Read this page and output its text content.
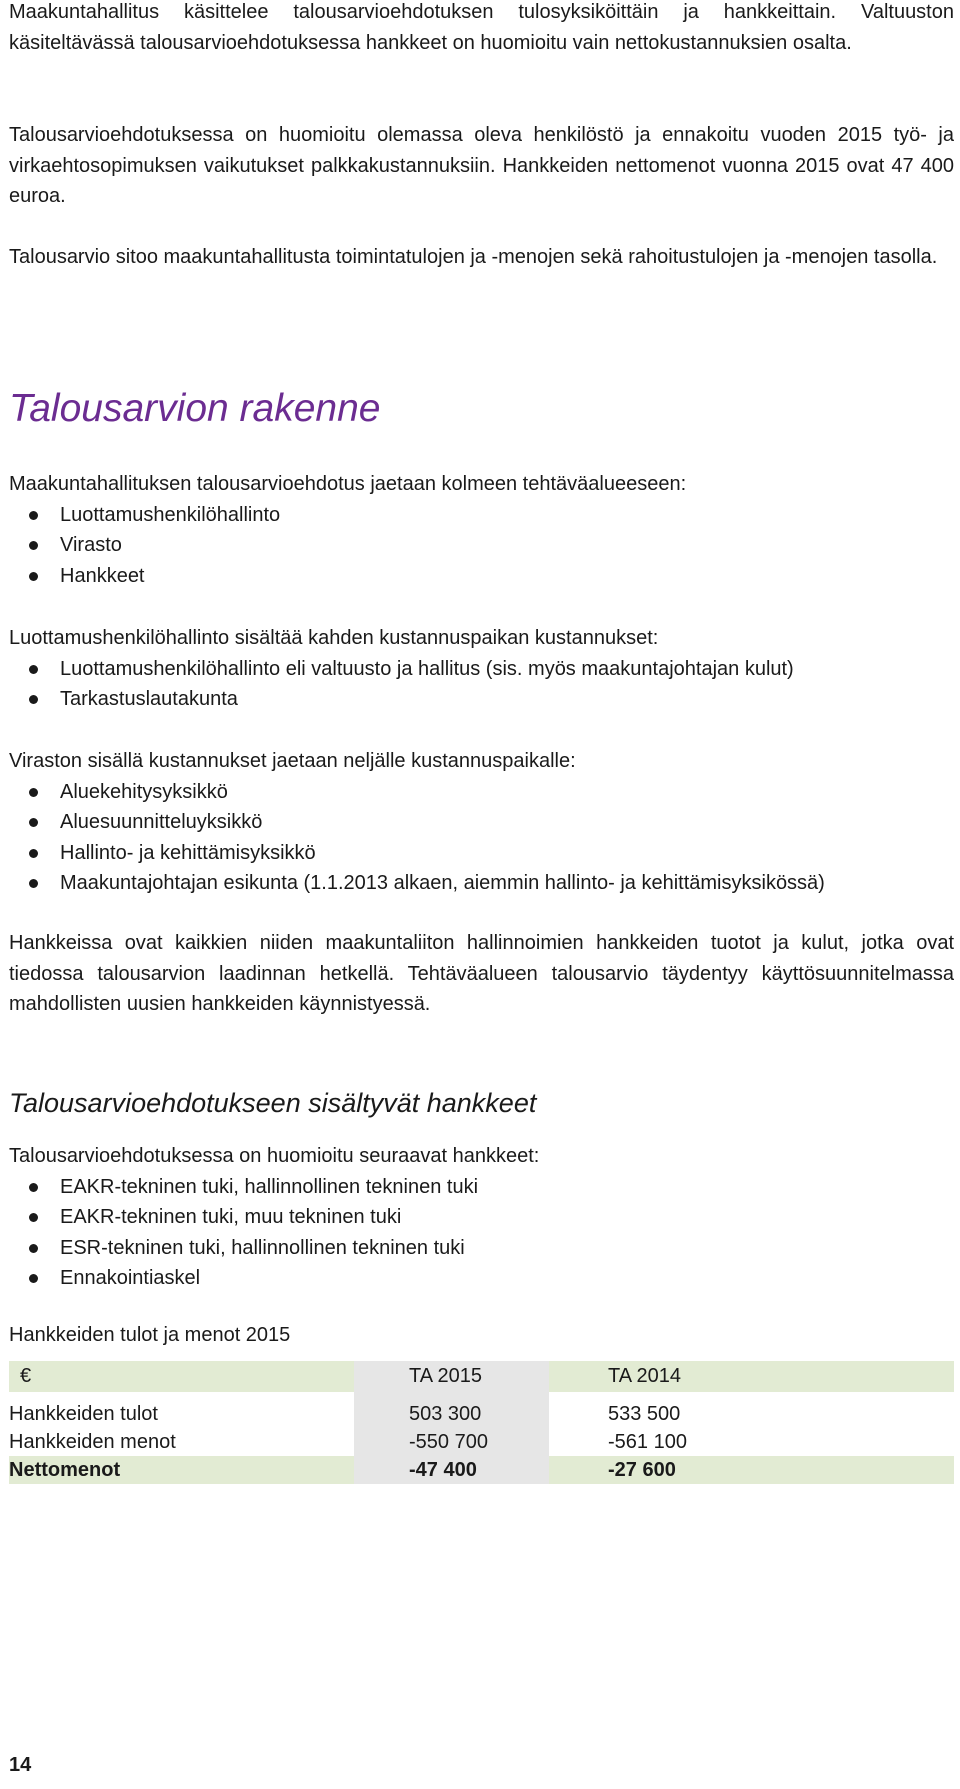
Maakuntahallitus käsittelee talousarvioehdotuksen tulosyksiköittäin ja hankkeittain. Valtuuston käsiteltävässä talousarvioehdotuksessa hankkeet on huomioitu vain nettokustannuksien osalta.

Talousarvioehdotuksessa on huomioitu olemassa oleva henkilöstö ja ennakoitu vuoden 2015 työ- ja virkaehtosopimuksen vaikutukset palkkakustannuksiin. Hankkeiden nettomenot vuonna 2015 ovat 47 400 euroa.

Talousarvio sitoo maakuntahallitusta toimintatulojen ja -menojen sekä rahoitustulojen ja -menojen tasolla.

Talousarvion rakenne

Maakuntahallituksen talousarvioehdotus jaetaan kolmeen tehtäväalueeseen:

Luottamushenkilöhallinto
Virasto
Hankkeet

Luottamushenkilöhallinto sisältää kahden kustannuspaikan kustannukset:

Luottamushenkilöhallinto eli valtuusto ja hallitus (sis. myös maakuntajohtajan kulut)
Tarkastuslautakunta

Viraston sisällä kustannukset jaetaan neljälle kustannuspaikalle:

Aluekehitysyksikkö
Aluesuunnitteluyksikkö
Hallinto- ja kehittämisyksikkö
Maakuntajohtajan esikunta (1.1.2013 alkaen, aiemmin hallinto- ja kehittämisyksikössä)

Hankkeissa ovat kaikkien niiden maakuntaliiton hallinnoimien hankkeiden tuotot ja kulut, jotka ovat tiedossa talousarvion laadinnan hetkellä. Tehtäväalueen talousarvio täydentyy käyttösuunnitelmassa mahdollisten uusien hankkeiden käynnistyessä.

Talousarvioehdotukseen sisältyvät hankkeet

Talousarvioehdotuksessa on huomioitu seuraavat hankkeet:

EAKR-tekninen tuki, hallinnollinen tekninen tuki
EAKR-tekninen tuki, muu tekninen tuki
ESR-tekninen tuki, hallinnollinen tekninen tuki
Ennakointiaskel

Hankkeiden tulot ja menot 2015

€	TA 2015	TA 2014
Hankkeiden tulot	503 300	533 500
Hankkeiden menot	-550 700	-561 100
Nettomenot	-47 400	-27 600

14
